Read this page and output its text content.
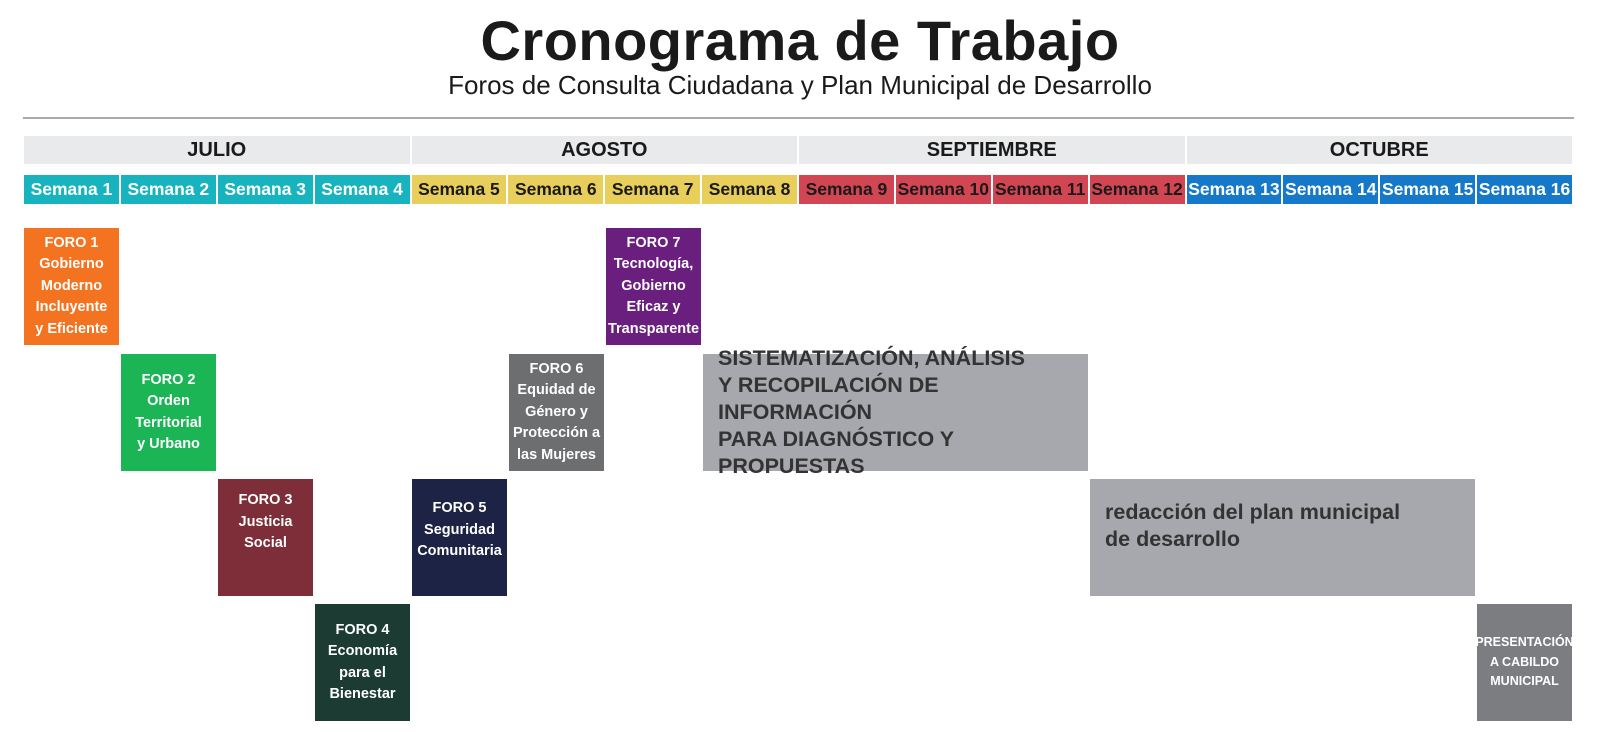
Cronograma de Trabajo
Foros de Consulta Ciudadana y Plan Municipal de Desarrollo
JULIO	AGOSTO	SEPTIEMBRE	OCTUBRE
Semana 1 Semana 2 Semana 3 Semana 4 Semana 5 Semana 6 Semana 7 Semana 8 Semana 9 Semana 10 Semana 11 Semana 12 Semana 13 Semana 14 Semana 15 Semana 16
FORO 1
Gobierno
Moderno
Incluyente
y Eficiente
FORO 2
Orden
Territorial
y Urbano
FORO 3
Justicia
Social
FORO 4
Economía
para el
Bienestar
FORO 5
Seguridad
Comunitaria
FORO 6
Equidad de
Género y
Protección a
las Mujeres
FORO 7
Tecnología,
Gobierno
Eficaz y
Transparente
SISTEMATIZACIÓN, ANÁLISIS
Y RECOPILACIÓN DE INFORMACIÓN
PARA DIAGNÓSTICO Y PROPUESTAS
redacción del plan municipal
de desarrollo
PRESENTACIÓN
A CABILDO
MUNICIPAL
